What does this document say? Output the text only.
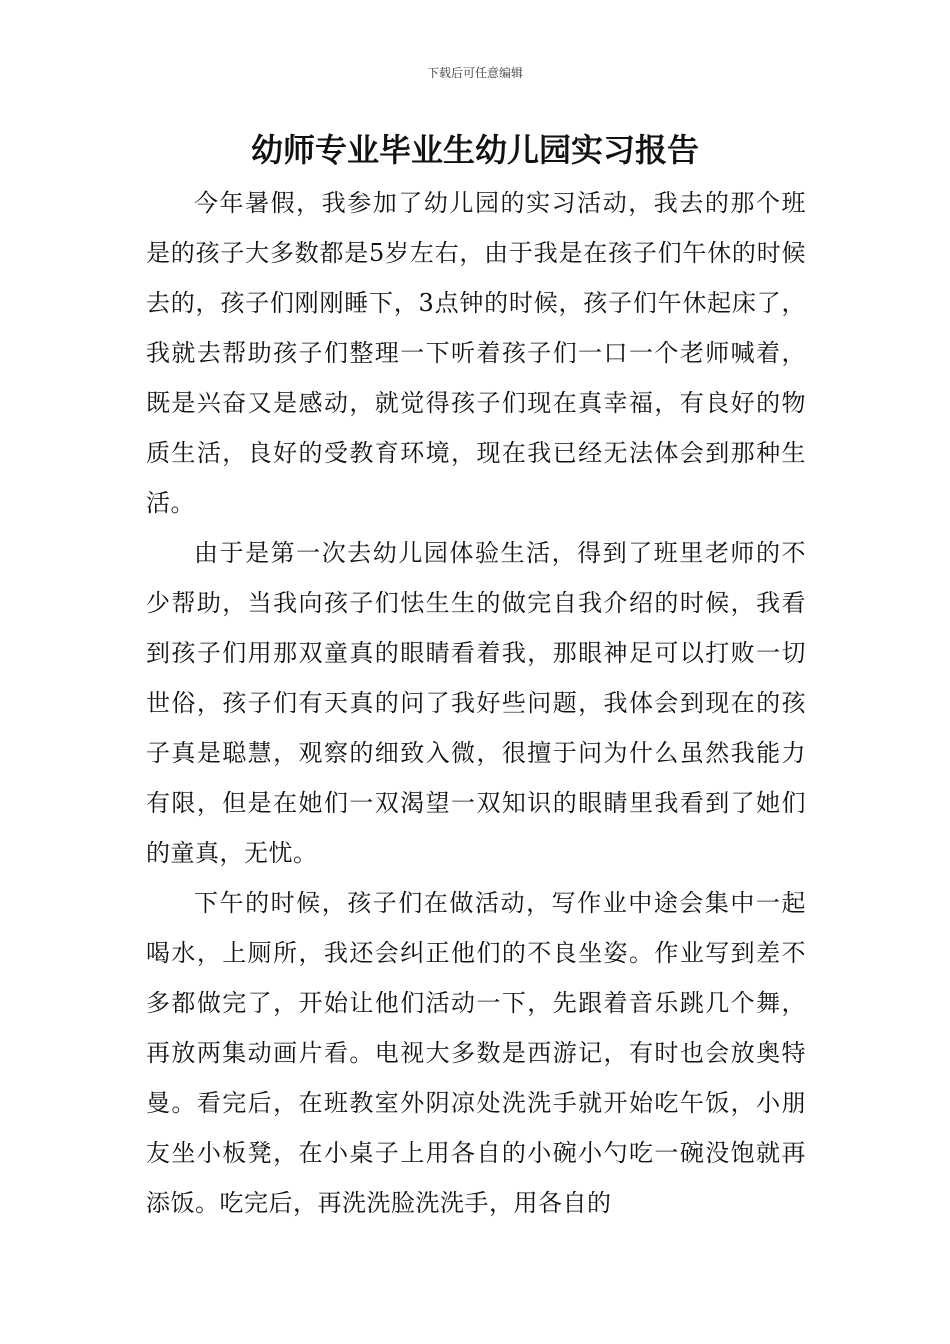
下载后可任意编辑
幼师专业毕业生幼儿园实习报告

今年暑假，我参加了幼儿园的实习活动，我去的那个班是的孩子大多数都是5岁左右，由于我是在孩子们午休的时候去的，孩子们刚刚睡下，3点钟的时候，孩子们午休起床了，我就去帮助孩子们整理一下听着孩子们一口一个老师喊着，既是兴奋又是感动，就觉得孩子们现在真幸福，有良好的物质生活，良好的受教育环境，现在我已经无法体会到那种生活。

由于是第一次去幼儿园体验生活，得到了班里老师的不少帮助，当我向孩子们怯生生的做完自我介绍的时候，我看到孩子们用那双童真的眼睛看着我，那眼神足可以打败一切世俗，孩子们有天真的问了我好些问题，我体会到现在的孩子真是聪慧，观察的细致入微，很擅于问为什么虽然我能力有限，但是在她们一双渴望一双知识的眼睛里我看到了她们的童真，无忧。

下午的时候，孩子们在做活动，写作业中途会集中一起喝水，上厕所，我还会纠正他们的不良坐姿。作业写到差不多都做完了，开始让他们活动一下，先跟着音乐跳几个舞，再放两集动画片看。电视大多数是西游记，有时也会放奥特曼。看完后，在班教室外阴凉处洗洗手就开始吃午饭，小朋友坐小板凳，在小桌子上用各自的小碗小勺吃一碗没饱就再添饭。吃完后，再洗洗脸洗洗手，用各自的
